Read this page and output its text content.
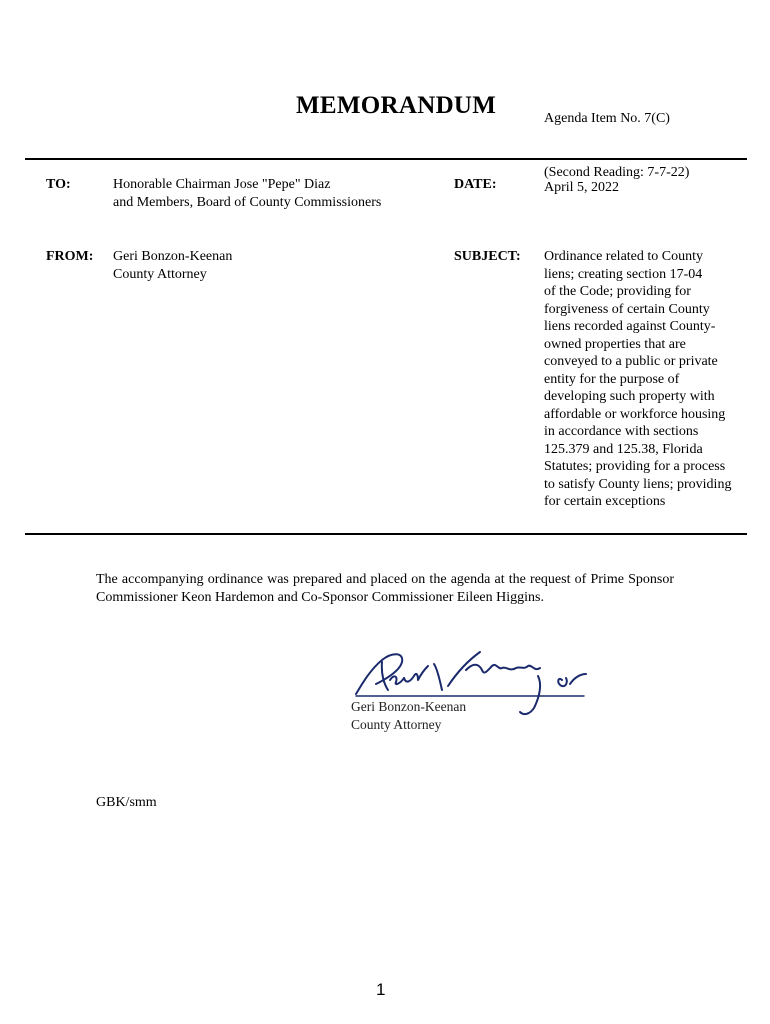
MEMORANDUM	Agenda Item No. 7(C)
TO:	Honorable Chairman Jose "Pepe" Diaz
and Members, Board of County Commissioners
DATE:
(Second Reading: 7-7-22)
April 5, 2022
FROM: Geri Bonzon-Keenan
County Attorney
SUBJECT: Ordinance related to County
liens; creating section 17-04
of the Code; providing for
forgiveness of certain County
liens recorded against County-
owned properties that are
conveyed to a public or private
entity for the purpose of
developing such property with
affordable or workforce housing
in accordance with sections
125.379 and 125.38, Florida
Statutes; providing for a process
to satisfy County liens; providing
for certain exceptions
The accompanying ordinance was prepared and placed on the agenda at the request of Prime Sponsor Commissioner Keon Hardemon and Co-Sponsor Commissioner Eileen Higgins.
Geri Bonzon-Keenan
County Attorney
GBK/smm
1
